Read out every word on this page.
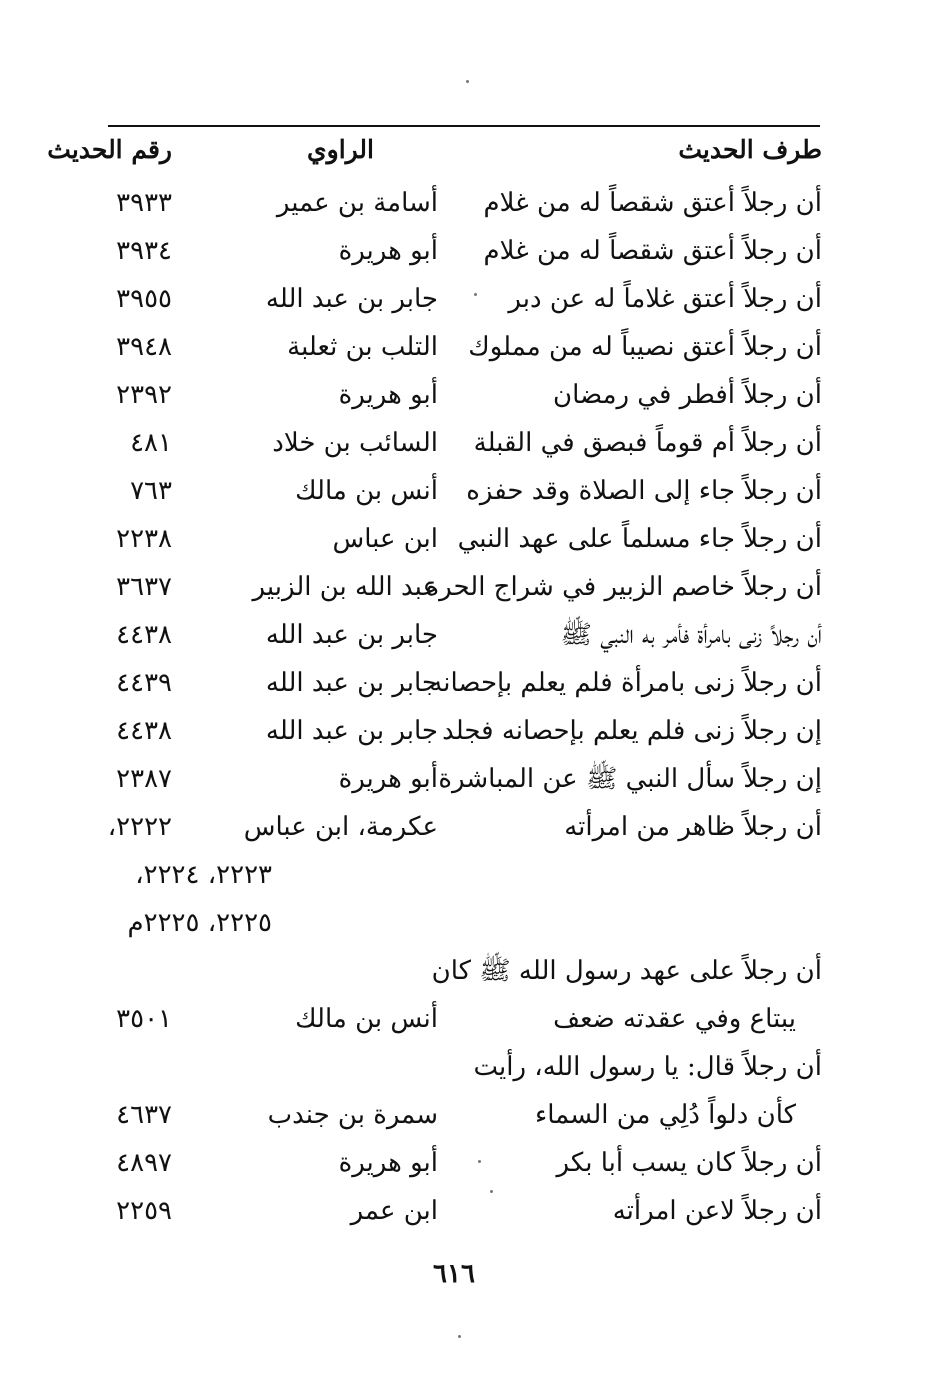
طرف الحديث
الراوي
رقم الحديث
أن رجلاً أعتق شقصاً له من غلام
أسامة بن عمير
٣٩٣٣
أن رجلاً أعتق شقصاً له من غلام
أبو هريرة
٣٩٣٤
أن رجلاً أعتق غلاماً له عن دبر
جابر بن عبد الله
٣٩٥٥
أن رجلاً أعتق نصيباً له من مملوك
التلب بن ثعلبة
٣٩٤٨
أن رجلاً أفطر في رمضان
أبو هريرة
٢٣٩٢
أن رجلاً أم قوماً فبصق في القبلة
السائب بن خلاد
٤٨١
أن رجلاً جاء إلى الصلاة وقد حفزه
أنس بن مالك
٧٦٣
أن رجلاً جاء مسلماً على عهد النبي
ابن عباس
٢٢٣٨
أن رجلاً خاصم الزبير في شراج الحرة
عبد الله بن الزبير
٣٦٣٧
أن رجلاً زنى بامرأة فأمر به النبي ﷺ
جابر بن عبد الله
٤٤٣٨
أن رجلاً زنى بامرأة فلم يعلم بإحصانه
جابر بن عبد الله
٤٤٣٩
إن رجلاً زنى فلم يعلم بإحصانه فجلد
جابر بن عبد الله
٤٤٣٨
إن رجلاً سأل النبي ﷺ عن المباشرة
أبو هريرة
٢٣٨٧
أن رجلاً ظاهر من امرأته
عكرمة، ابن عباس
٢٢٢٢،
٢٢٢٣، ٢٢٢٤،
٢٢٢٥، ٢٢٢٥م
أن رجلاً على عهد رسول الله ﷺ كان
يبتاع وفي عقدته ضعف
أنس بن مالك
٣٥٠١
أن رجلاً قال: يا رسول الله، رأيت
كأن دلواً دُلِي من السماء
سمرة بن جندب
٤٦٣٧
أن رجلاً كان يسب أبا بكر
أبو هريرة
٤٨٩٧
أن رجلاً لاعن امرأته
ابن عمر
٢٢٥٩
٦١٦
